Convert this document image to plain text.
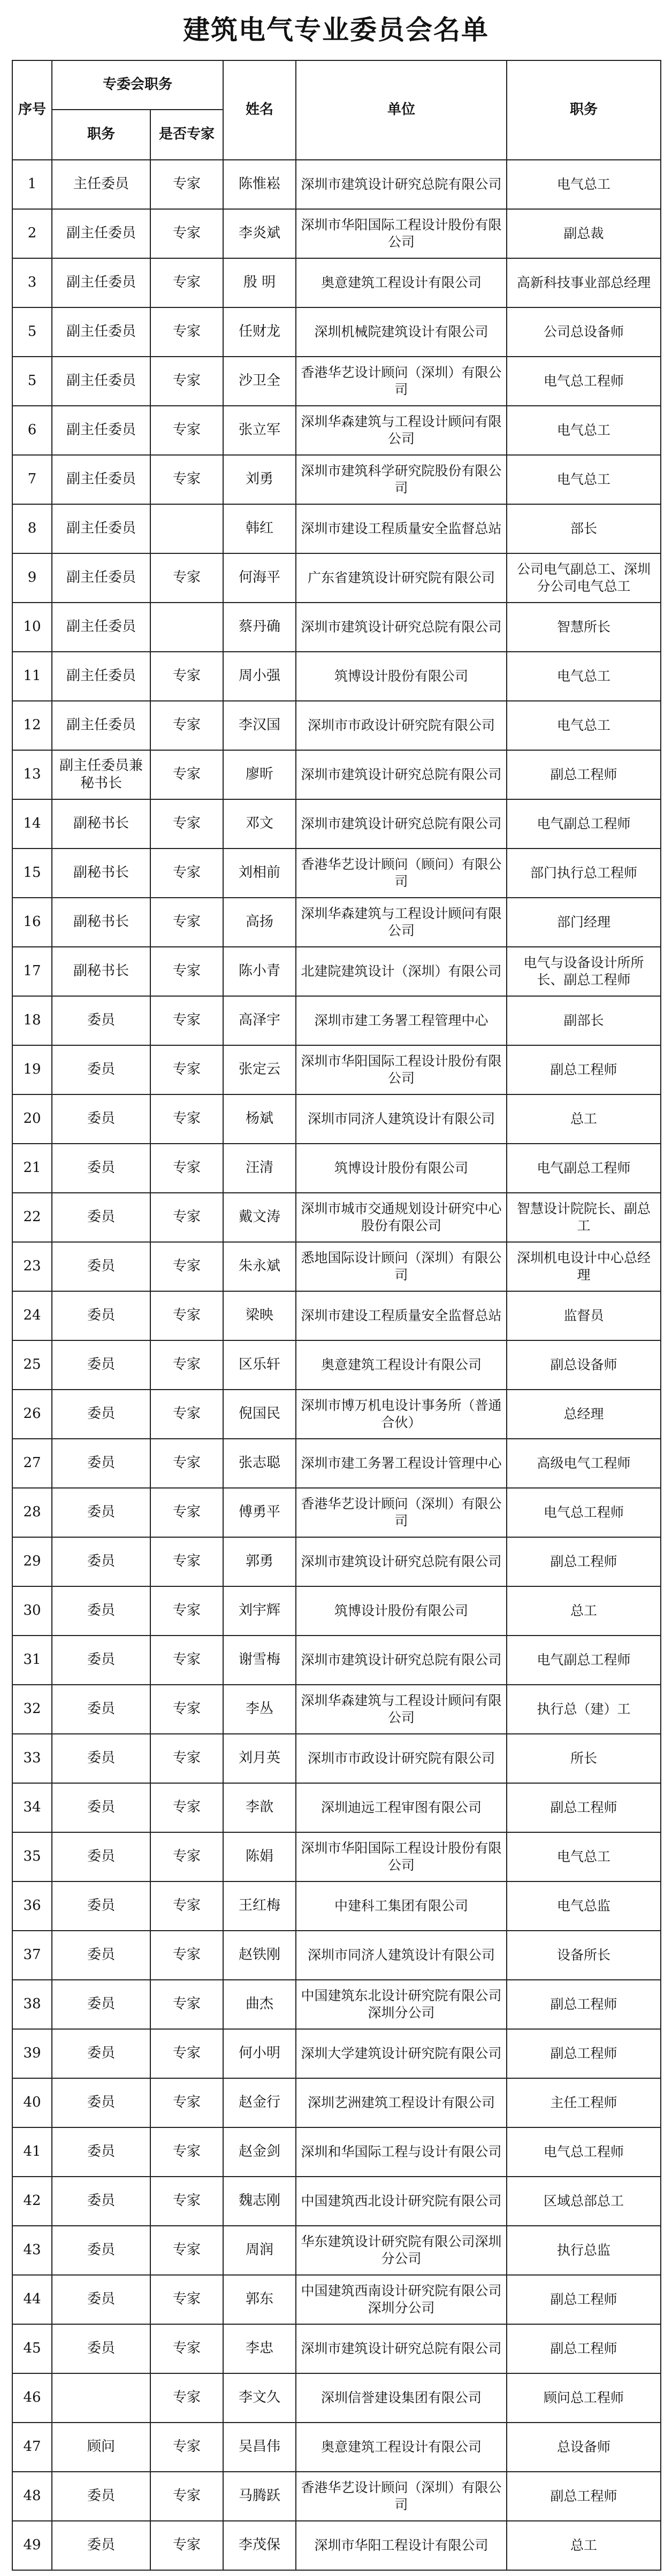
建筑电气专业委员会名单
序号	专委会职务		姓名	单位	职务
	职务	是否专家			
1	主任委员	专家	陈惟崧	深圳市建筑设计研究总院有限公司	电气总工
2	副主任委员	专家	李炎斌	深圳市华阳国际工程设计股份有限公司	副总裁
3	副主任委员	专家	殷 明	奥意建筑工程设计有限公司	高新科技事业部总经理
5	副主任委员	专家	任财龙	深圳机械院建筑设计有限公司	公司总设备师
5	副主任委员	专家	沙卫全	香港华艺设计顾问（深圳）有限公司	电气总工程师
6	副主任委员	专家	张立军	深圳华森建筑与工程设计顾问有限公司	电气总工
7	副主任委员	专家	刘勇	深圳市建筑科学研究院股份有限公司	电气总工
8	副主任委员		韩红	深圳市建设工程质量安全监督总站	部长
9	副主任委员	专家	何海平	广东省建筑设计研究院有限公司	公司电气副总工、深圳分公司电气总工
10	副主任委员		蔡丹确	深圳市建筑设计研究总院有限公司	智慧所长
11	副主任委员	专家	周小强	筑博设计股份有限公司	电气总工
12	副主任委员	专家	李汉国	深圳市市政设计研究院有限公司	电气总工
13	副主任委员兼秘书长	专家	廖昕	深圳市建筑设计研究总院有限公司	副总工程师
14	副秘书长	专家	邓文	深圳市建筑设计研究总院有限公司	电气副总工程师
15	副秘书长	专家	刘相前	香港华艺设计顾问（顾问）有限公司	部门执行总工程师
16	副秘书长	专家	高扬	深圳华森建筑与工程设计顾问有限公司	部门经理
17	副秘书长	专家	陈小青	北建院建筑设计（深圳）有限公司	电气与设备设计所所长、副总工程师
18	委员	专家	高泽宇	深圳市建工务署工程管理中心	副部长
19	委员	专家	张定云	深圳市华阳国际工程设计股份有限公司	副总工程师
20	委员	专家	杨斌	深圳市同济人建筑设计有限公司	总工
21	委员	专家	汪清	筑博设计股份有限公司	电气副总工程师
22	委员	专家	戴文涛	深圳市城市交通规划设计研究中心股份有限公司	智慧设计院院长、副总工
23	委员	专家	朱永斌	悉地国际设计顾问（深圳）有限公司	深圳机电设计中心总经理
24	委员	专家	梁映	深圳市建设工程质量安全监督总站	监督员
25	委员	专家	区乐轩	奥意建筑工程设计有限公司	副总设备师
26	委员	专家	倪国民	深圳市博万机电设计事务所（普通合伙）	总经理
27	委员	专家	张志聪	深圳市建工务署工程设计管理中心	高级电气工程师
28	委员	专家	傅勇平	香港华艺设计顾问（深圳）有限公司	电气总工程师
29	委员	专家	郭勇	深圳市建筑设计研究总院有限公司	副总工程师
30	委员	专家	刘宇辉	筑博设计股份有限公司	总工
31	委员	专家	谢雪梅	深圳市建筑设计研究总院有限公司	电气副总工程师
32	委员	专家	李丛	深圳华森建筑与工程设计顾问有限公司	执行总（建）工
33	委员	专家	刘月英	深圳市市政设计研究院有限公司	所长
34	委员	专家	李歆	深圳迪远工程审图有限公司	副总工程师
35	委员	专家	陈娟	深圳市华阳国际工程设计股份有限公司	电气总工
36	委员	专家	王红梅	中建科工集团有限公司	电气总监
37	委员	专家	赵铁刚	深圳市同济人建筑设计有限公司	设备所长
38	委员	专家	曲杰	中国建筑东北设计研究院有限公司深圳分公司	副总工程师
39	委员	专家	何小明	深圳大学建筑设计研究院有限公司	副总工程师
40	委员	专家	赵金行	深圳艺洲建筑工程设计有限公司	主任工程师
41	委员	专家	赵金剑	深圳和华国际工程与设计有限公司	电气总工程师
42	委员	专家	魏志刚	中国建筑西北设计研究院有限公司	区域总部总工
43	委员	专家	周润	华东建筑设计研究院有限公司深圳分公司	执行总监
44	委员	专家	郭东	中国建筑西南设计研究院有限公司深圳分公司	副总工程师
45	委员	专家	李忠	深圳市建筑设计研究总院有限公司	副总工程师
46		专家	李文久	深圳信誉建设集团有限公司	顾问总工程师
47	顾问	专家	吴昌伟	奥意建筑工程设计有限公司	总设备师
48	委员	专家	马腾跃	香港华艺设计顾问（深圳）有限公司	副总工程师
49	委员	专家	李茂保	深圳市华阳工程设计有限公司	总工
